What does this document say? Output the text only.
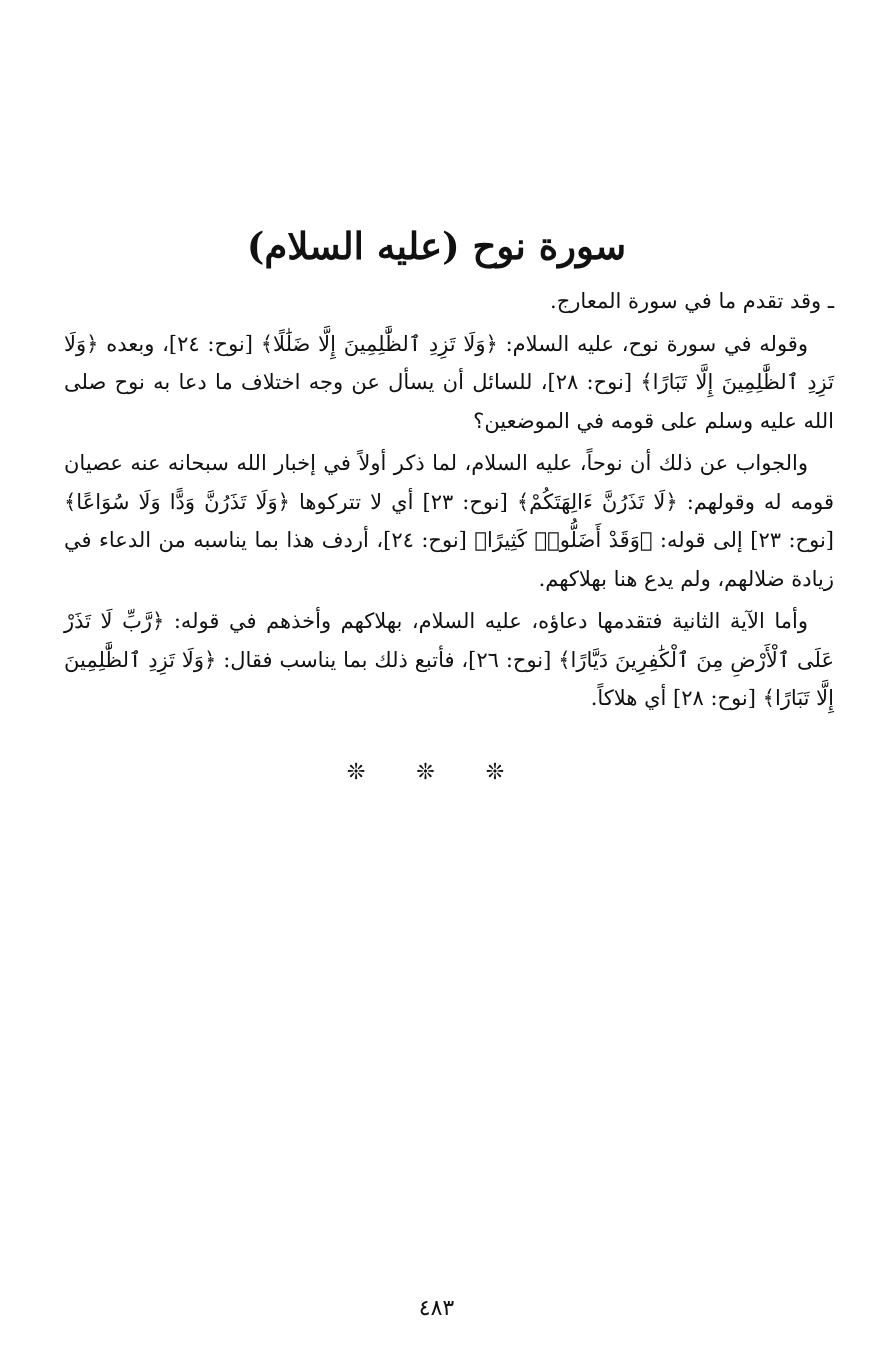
سورة نوح (عليه السلام)

ـ وقد تقدم ما في سورة المعارج.

وقوله في سورة نوح، عليه السلام: ﴿وَلَا تَزِدِ ٱلظَّٰلِمِينَ إِلَّا ضَلَٰلًا﴾ [نوح: ٢٤]، وبعده ﴿وَلَا تَزِدِ ٱلظَّٰلِمِينَ إِلَّا تَبَارًا﴾ [نوح: ٢٨]، للسائل أن يسأل عن وجه اختلاف ما دعا به نوح صلى الله عليه وسلم على قومه في الموضعين؟

والجواب عن ذلك أن نوحاً، عليه السلام، لما ذكر أولاً في إخبار الله سبحانه عنه عصيان قومه له وقولهم: ﴿لَا تَذَرُنَّ ءَالِهَتَكُمْ﴾ [نوح: ٢٣] أي لا تتركوها ﴿وَلَا تَذَرُنَّ وَدًّا وَلَا سُوَاعًا﴾ [نوح: ٢٣] إلى قوله: ﴿وَقَدْ أَضَلُّوا۟ كَثِيرًا﴾ [نوح: ٢٤]، أردف هذا بما يناسبه من الدعاء في زيادة ضلالهم، ولم يدع هنا بهلاكهم.

وأما الآية الثانية فتقدمها دعاؤه، عليه السلام، بهلاكهم وأخذهم في قوله: ﴿رَّبِّ لَا تَذَرْ عَلَى ٱلْأَرْضِ مِنَ ٱلْكَٰفِرِينَ دَيَّارًا﴾ [نوح: ٢٦]، فأتبع ذلك بما يناسب فقال: ﴿وَلَا تَزِدِ ٱلظَّٰلِمِينَ إِلَّا تَبَارًا﴾ [نوح: ٢٨] أي هلاكاً.

❊ ❊ ❊
٤٨٣
